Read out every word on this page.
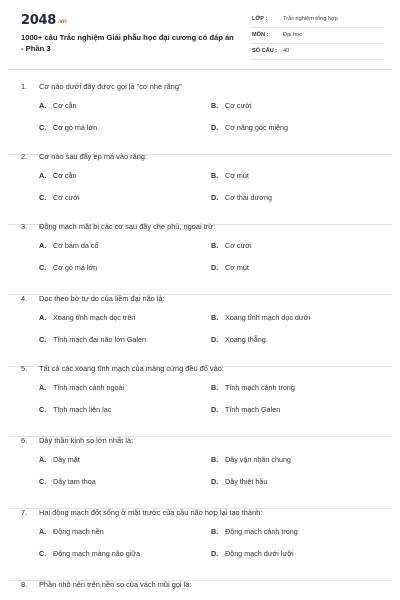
2048.vn
1000+ câu Trắc nghiệm Giải phẫu học đại cương có đáp án - Phần 3
LỚP :	Trắc nghiệm tổng hợp
MÔN :	Đại học
SỐ CÂU : 40
1. Cơ nào dưới đây được gọi là "cơ nhe răng"
A. Cơ cằn	B. Cơ cười
C. Cơ gò má lớn	D. Cơ nâng góc miệng
2. Cơ nào sau đây ép má vào răng:
A. Cơ cằn	B. Cơ mút
C. Cơ cười	D. Cơ thái dương
3. Động mạch mặt bị các cơ sau đây che phủ, ngoại trừ:
A. Cơ bám da cổ	B. Cơ cười
C. Cơ gò má lớn	D. Cơ mút
4. Dọc theo bờ tự do của liềm đại não là:
A. Xoang tĩnh mạch dọc trên	B. Xoang tĩnh mạch dọc dưới
C. Tĩnh mạch đại não lớn Galen	D. Xoang thẳng.
5. Tất cả các xoang tĩnh mạch của màng cứng đều đổ vào:
A. Tĩnh mạch cảnh ngoài	B. Tĩnh mạch cảnh trong
C. Tĩnh mạch liên lạc	D. Tĩnh mạch Galen
6. Dây thần kinh sọ lớn nhất là:
A. Dây mặt	B. Dây vận nhãn chung
C. Dây tam thoa	D. Dây thiệt hầu
7. Hai động mạch đốt sống ở mặt trước của cầu não hợp lại tạo thành:
A. Động mạch nền	B. Động mạch cảnh trong
C. Động mạch màng não giữa	D. Động mạch dưới lưỡi
8. Phần nhô nên trên nền sọ của vách mũi gọi là:
